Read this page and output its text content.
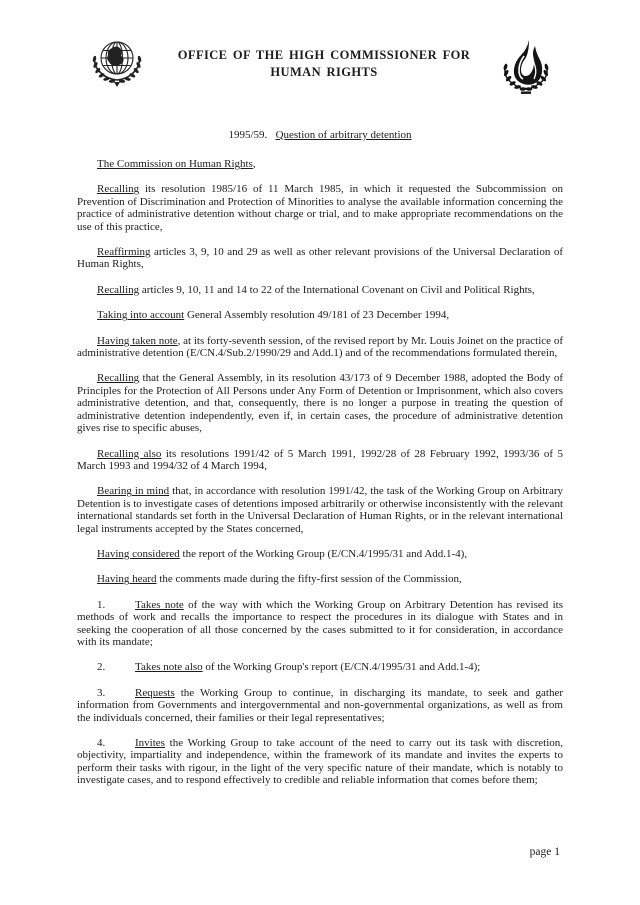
OFFICE OF THE HIGH COMMISSIONER FOR
HUMAN RIGHTS
1995/59. Question of arbitrary detention

The Commission on Human Rights,

Recalling its resolution 1985/16 of 11 March 1985, in which it requested the Subcommission on Prevention of Discrimination and Protection of Minorities to analyse the available information concerning the practice of administrative detention without charge or trial, and to make appropriate recommendations on the use of this practice,

Reaffirming articles 3, 9, 10 and 29 as well as other relevant provisions of the Universal Declaration of Human Rights,

Recalling articles 9, 10, 11 and 14 to 22 of the International Covenant on Civil and Political Rights,

Taking into account General Assembly resolution 49/181 of 23 December 1994,

Having taken note, at its forty-seventh session, of the revised report by Mr. Louis Joinet on the practice of administrative detention (E/CN.4/Sub.2/1990/29 and Add.1) and of the recommendations formulated therein,

Recalling that the General Assembly, in its resolution 43/173 of 9 December 1988, adopted the Body of Principles for the Protection of All Persons under Any Form of Detention or Imprisonment, which also covers administrative detention, and that, consequently, there is no longer a purpose in treating the question of administrative detention independently, even if, in certain cases, the procedure of administrative detention gives rise to specific abuses,

Recalling also its resolutions 1991/42 of 5 March 1991, 1992/28 of 28 February 1992, 1993/36 of 5 March 1993 and 1994/32 of 4 March 1994,

Bearing in mind that, in accordance with resolution 1991/42, the task of the Working Group on Arbitrary Detention is to investigate cases of detentions imposed arbitrarily or otherwise inconsistently with the relevant international standards set forth in the Universal Declaration of Human Rights, or in the relevant international legal instruments accepted by the States concerned,

Having considered the report of the Working Group (E/CN.4/1995/31 and Add.1-4),

Having heard the comments made during the fifty-first session of the Commission,

1.	Takes note of the way with which the Working Group on Arbitrary Detention has revised its methods of work and recalls the importance to respect the procedures in its dialogue with States and in seeking the cooperation of all those concerned by the cases submitted to it for consideration, in accordance with its mandate;

2.	Takes note also of the Working Group's report (E/CN.4/1995/31 and Add.1-4);

3.	Requests the Working Group to continue, in discharging its mandate, to seek and gather information from Governments and intergovernmental and non-governmental organizations, as well as from the individuals concerned, their families or their legal representatives;

4.	Invites the Working Group to take account of the need to carry out its task with discretion, objectivity, impartiality and independence, within the framework of its mandate and invites the experts to perform their tasks with rigour, in the light of the very specific nature of their mandate, which is notably to investigate cases, and to respond effectively to credible and reliable information that comes before them;

page 1
